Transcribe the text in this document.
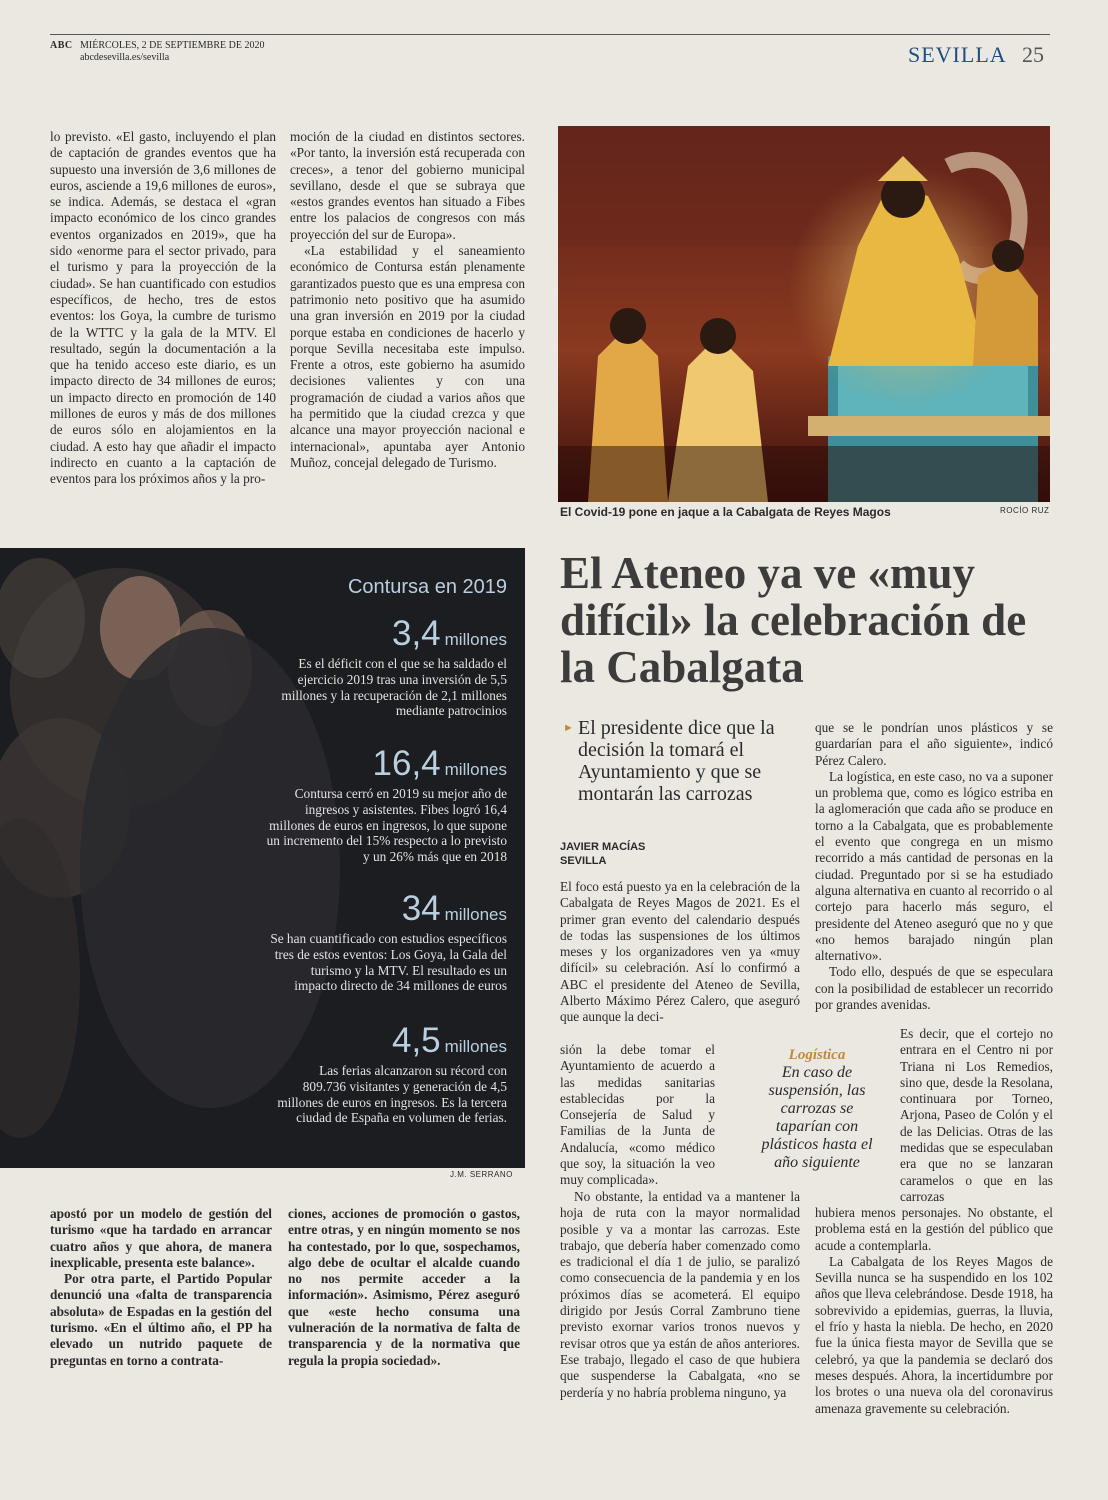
ABC MIÉRCOLES, 2 DE SEPTIEMBRE DE 2020
abcdesevilla.es/sevilla	SEVILLA 25

lo previsto. «El gasto, incluyendo el plan de captación de grandes eventos que ha supuesto una inversión de 3,6 millones de euros, asciende a 19,6 millones de euros», se indica. Además, se destaca el «gran impacto económico de los cinco grandes eventos organizados en 2019», que ha sido «enorme para el sector privado, para el turismo y para la proyección de la ciudad». Se han cuantificado con estudios específicos, de hecho, tres de estos eventos: los Goya, la cumbre de turismo de la WTTC y la gala de la MTV. El resultado, según la documentación a la que ha tenido acceso este diario, es un impacto directo de 34 millones de euros; un impacto directo en promoción de 140 millones de euros y más de dos millones de euros sólo en alojamientos en la ciudad. A esto hay que añadir el impacto indirecto en cuanto a la captación de eventos para los próximos años y la pro-

moción de la ciudad en distintos sectores. «Por tanto, la inversión está recuperada con creces», a tenor del gobierno municipal sevillano, desde el que se subraya que «estos grandes eventos han situado a Fibes entre los palacios de congresos con más proyección del sur de Europa».

«La estabilidad y el saneamiento económico de Contursa están plenamente garantizados puesto que es una empresa con patrimonio neto positivo que ha asumido una gran inversión en 2019 por la ciudad porque estaba en condiciones de hacerlo y porque Sevilla necesitaba este impulso. Frente a otros, este gobierno ha asumido decisiones valientes y con una programación de ciudad a varios años que ha permitido que la ciudad crezca y que alcance una mayor proyección nacional e internacional», apuntaba ayer Antonio Muñoz, concejal delegado de Turismo.

El Covid-19 pone en jaque a la Cabalgata de Reyes Magos	ROCÍO RUZ
Contursa en 2019
3,4 millones
Es el déficit con el que se ha saldado el ejercicio 2019 tras una inversión de 5,5 millones y la recuperación de 2,1 millones mediante patrocinios
16,4 millones
Contursa cerró en 2019 su mejor año de ingresos y asistentes. Fibes logró 16,4 millones de euros en ingresos, lo que supone un incremento del 15% respecto a lo previsto y un 26% más que en 2018
34 millones
Se han cuantificado con estudios específicos tres de estos eventos: Los Goya, la Gala del turismo y la MTV. El resultado es un impacto directo de 34 millones de euros
4,5 millones
Las ferias alcanzaron su récord con 809.736 visitantes y generación de 4,5 millones de euros en ingresos. Es la tercera ciudad de España en volumen de ferias.
J.M. SERRANO

apostó por un modelo de gestión del turismo «que ha tardado en arrancar cuatro años y que ahora, de manera inexplicable, presenta este balance».

Por otra parte, el Partido Popular denunció una «falta de transparencia absoluta» de Espadas en la gestión del turismo. «En el último año, el PP ha elevado un nutrido paquete de preguntas en torno a contrata-

ciones, acciones de promoción o gastos, entre otras, y en ningún momento se nos ha contestado, por lo que, sospechamos, algo debe de ocultar el alcalde cuando no nos permite acceder a la información». Asimismo, Pérez aseguró que «este hecho consuma una vulneración de la normativa de falta de transparencia y de la normativa que regula la propia sociedad».

El Ateneo ya ve «muy difícil» la celebración de la Cabalgata
► El presidente dice que la decisión la tomará el Ayuntamiento y que se montarán las carrozas
JAVIER MACÍAS
SEVILLA

El foco está puesto ya en la celebración de la Cabalgata de Reyes Magos de 2021. Es el primer gran evento del calendario después de todas las suspensiones de los últimos meses y los organizadores ven ya «muy difícil» su celebración. Así lo confirmó a ABC el presidente del Ateneo de Sevilla, Alberto Máximo Pérez Calero, que aseguró que aunque la deci-

sión la debe tomar el Ayuntamiento de acuerdo a las medidas sanitarias establecidas por la Consejería de Salud y Familias de la Junta de Andalucía, «como médico que soy, la situación la veo muy complicada».

No obstante, la entidad va a mantener la hoja de ruta con la mayor normalidad posible y va a montar las carrozas. Este trabajo, que debería haber comenzado como es tradicional el día 1 de julio, se paralizó como consecuencia de la pandemia y en los próximos días se acometerá. El equipo dirigido por Jesús Corral Zambruno tiene previsto exornar varios tronos nuevos y revisar otros que ya están de años anteriores. Ese trabajo, llegado el caso de que hubiera que suspenderse la Cabalgata, «no se perdería y no habría problema ninguno, ya

que se le pondrían unos plásticos y se guardarían para el año siguiente», indicó Pérez Calero.

La logística, en este caso, no va a suponer un problema que, como es lógico estriba en la aglomeración que cada año se produce en torno a la Cabalgata, que es probablemente el evento que congrega en un mismo recorrido a más cantidad de personas en la ciudad. Preguntado por si se ha estudiado alguna alternativa en cuanto al recorrido o al cortejo para hacerlo más seguro, el presidente del Ateneo aseguró que no y que «no hemos barajado ningún plan alternativo».

Todo ello, después de que se especulara con la posibilidad de establecer un recorrido por grandes avenidas.

Es decir, que el cortejo no entrara en el Centro ni por Triana ni Los Remedios, sino que, desde la Resolana, continuara por Torneo, Arjona, Paseo de Colón y el de las Delicias. Otras de las medidas que se especulaban era que no se lanzaran caramelos o que en las carrozas

hubiera menos personajes. No obstante, el problema está en la gestión del público que acude a contemplarla.

La Cabalgata de los Reyes Magos de Sevilla nunca se ha suspendido en los 102 años que lleva celebrándose. Desde 1918, ha sobrevivido a epidemias, guerras, la lluvia, el frío y hasta la niebla. De hecho, en 2020 fue la única fiesta mayor de Sevilla que se celebró, ya que la pandemia se declaró dos meses después. Ahora, la incertidumbre por los brotes o una nueva ola del coronavirus amenaza gravemente su celebración.

Logística
En caso de suspensión, las carrozas se taparían con plásticos hasta el año siguiente
